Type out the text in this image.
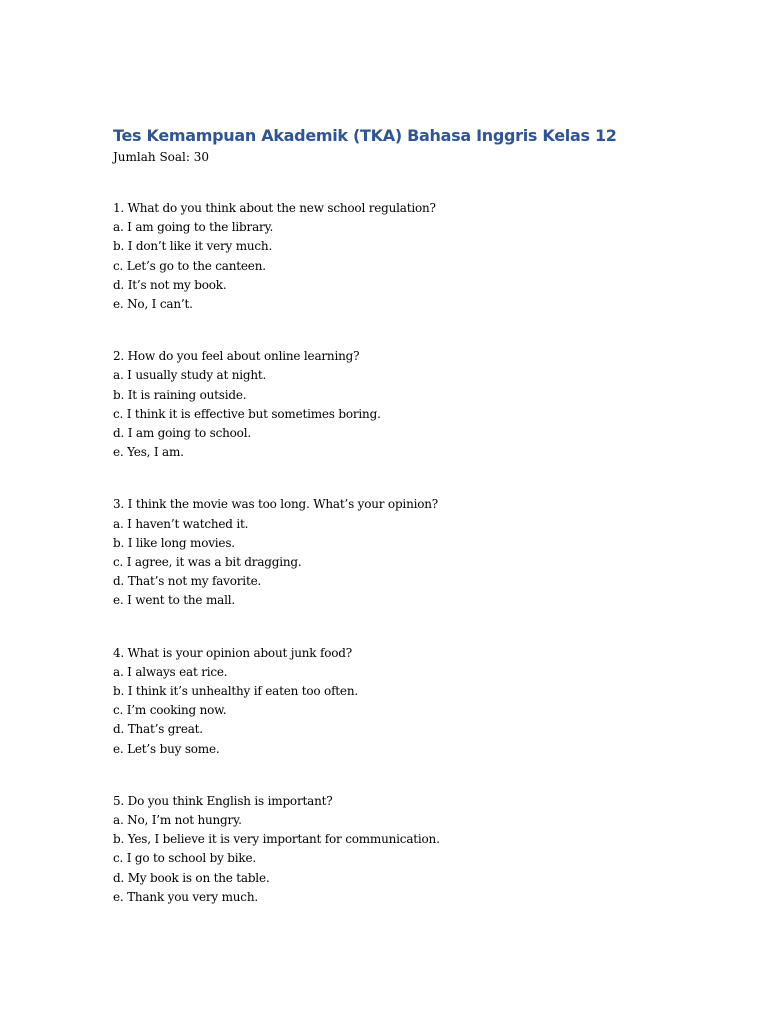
Tes Kemampuan Akademik (TKA) Bahasa Inggris Kelas 12

Jumlah Soal: 30

1. What do you think about the new school regulation?
a. I am going to the library.
b. I don’t like it very much.
c. Let’s go to the canteen.
d. It’s not my book.
e. No, I can’t.
2. How do you feel about online learning?
a. I usually study at night.
b. It is raining outside.
c. I think it is effective but sometimes boring.
d. I am going to school.
e. Yes, I am.
3. I think the movie was too long. What’s your opinion?
a. I haven’t watched it.
b. I like long movies.
c. I agree, it was a bit dragging.
d. That’s not my favorite.
e. I went to the mall.
4. What is your opinion about junk food?
a. I always eat rice.
b. I think it’s unhealthy if eaten too often.
c. I’m cooking now.
d. That’s great.
e. Let’s buy some.
5. Do you think English is important?
a. No, I’m not hungry.
b. Yes, I believe it is very important for communication.
c. I go to school by bike.
d. My book is on the table.
e. Thank you very much.
